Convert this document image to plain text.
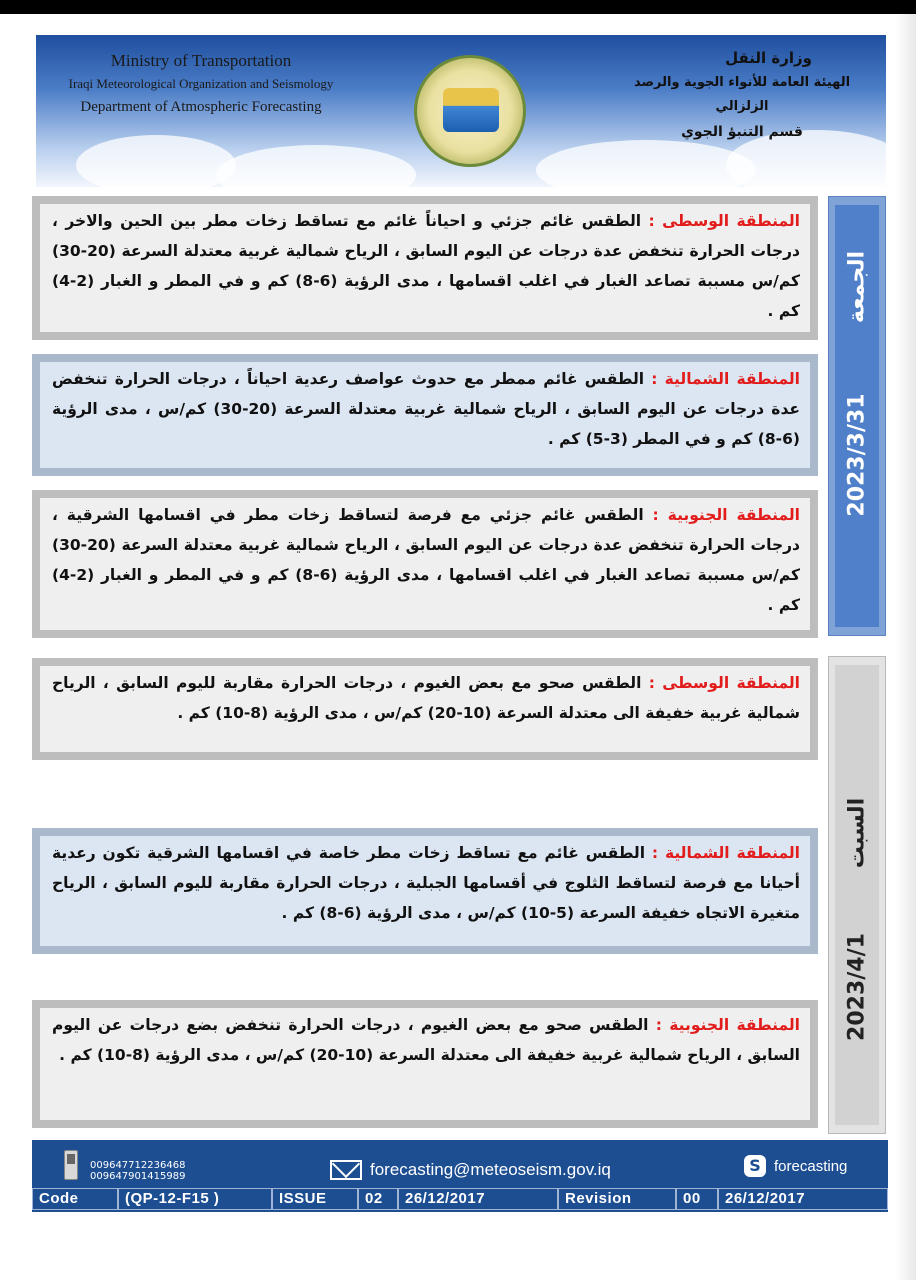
Ministry of Transportation
Iraqi Meteorological Organization and Seismology
Department of Atmospheric Forecasting
وزارة النقل
الهيئة العامة للأنواء الجوية والرصد الزلزالي
قسم التنبؤ الجوي
الجمعة
2023/3/31
السبت
2023/4/1
المنطقة الوسطى : الطقس غائم جزئي و احياناً غائم مع تساقط زخات مطر بين الحين والاخر ، درجات الحرارة تنخفض عدة درجات عن اليوم السابق ، الرياح شمالية غربية معتدلة السرعة (20-30) كم/س مسببة تصاعد الغبار في اغلب اقسامها ، مدى الرؤية (6-8) كم و في المطر و الغبار (2-4) كم .
المنطقة الشمالية : الطقس غائم ممطر مع حدوث عواصف رعدية احياناً ، درجات الحرارة تنخفض عدة درجات عن اليوم السابق ، الرياح شمالية غربية معتدلة السرعة (20-30) كم/س ، مدى الرؤية (6-8) كم و في المطر (3-5) كم .
المنطقة الجنوبية : الطقس غائم جزئي مع فرصة لتساقط زخات مطر في اقسامها الشرقية ، درجات الحرارة تنخفض عدة درجات عن اليوم السابق ، الرياح شمالية غربية معتدلة السرعة (20-30) كم/س مسببة تصاعد الغبار في اغلب اقسامها ، مدى الرؤية (6-8) كم و في المطر و الغبار (2-4) كم .
المنطقة الوسطى : الطقس صحو مع بعض الغيوم ، درجات الحرارة مقاربة لليوم السابق ، الرياح شمالية غربية خفيفة الى معتدلة السرعة (10-20) كم/س ، مدى الرؤية (8-10) كم .
المنطقة الشمالية : الطقس غائم مع تساقط زخات مطر خاصة في اقسامها الشرقية تكون رعدية أحيانا مع فرصة لتساقط الثلوج في أقسامها الجبلية ، درجات الحرارة مقاربة لليوم السابق ، الرياح متغيرة الاتجاه خفيفة السرعة (5-10) كم/س ، مدى الرؤية (6-8) كم .
المنطقة الجنوبية : الطقس صحو مع بعض الغيوم ، درجات الحرارة تنخفض بضع درجات عن اليوم السابق ، الرياح شمالية غربية خفيفة الى معتدلة السرعة (10-20) كم/س ، مدى الرؤية (8-10) كم .
009647712236468
009647901415989	forecasting@meteoseism.gov.iq	S forecasting
Code	(QP-12-F15 )	ISSUE	02	26/12/2017	Revision	00	26/12/2017
